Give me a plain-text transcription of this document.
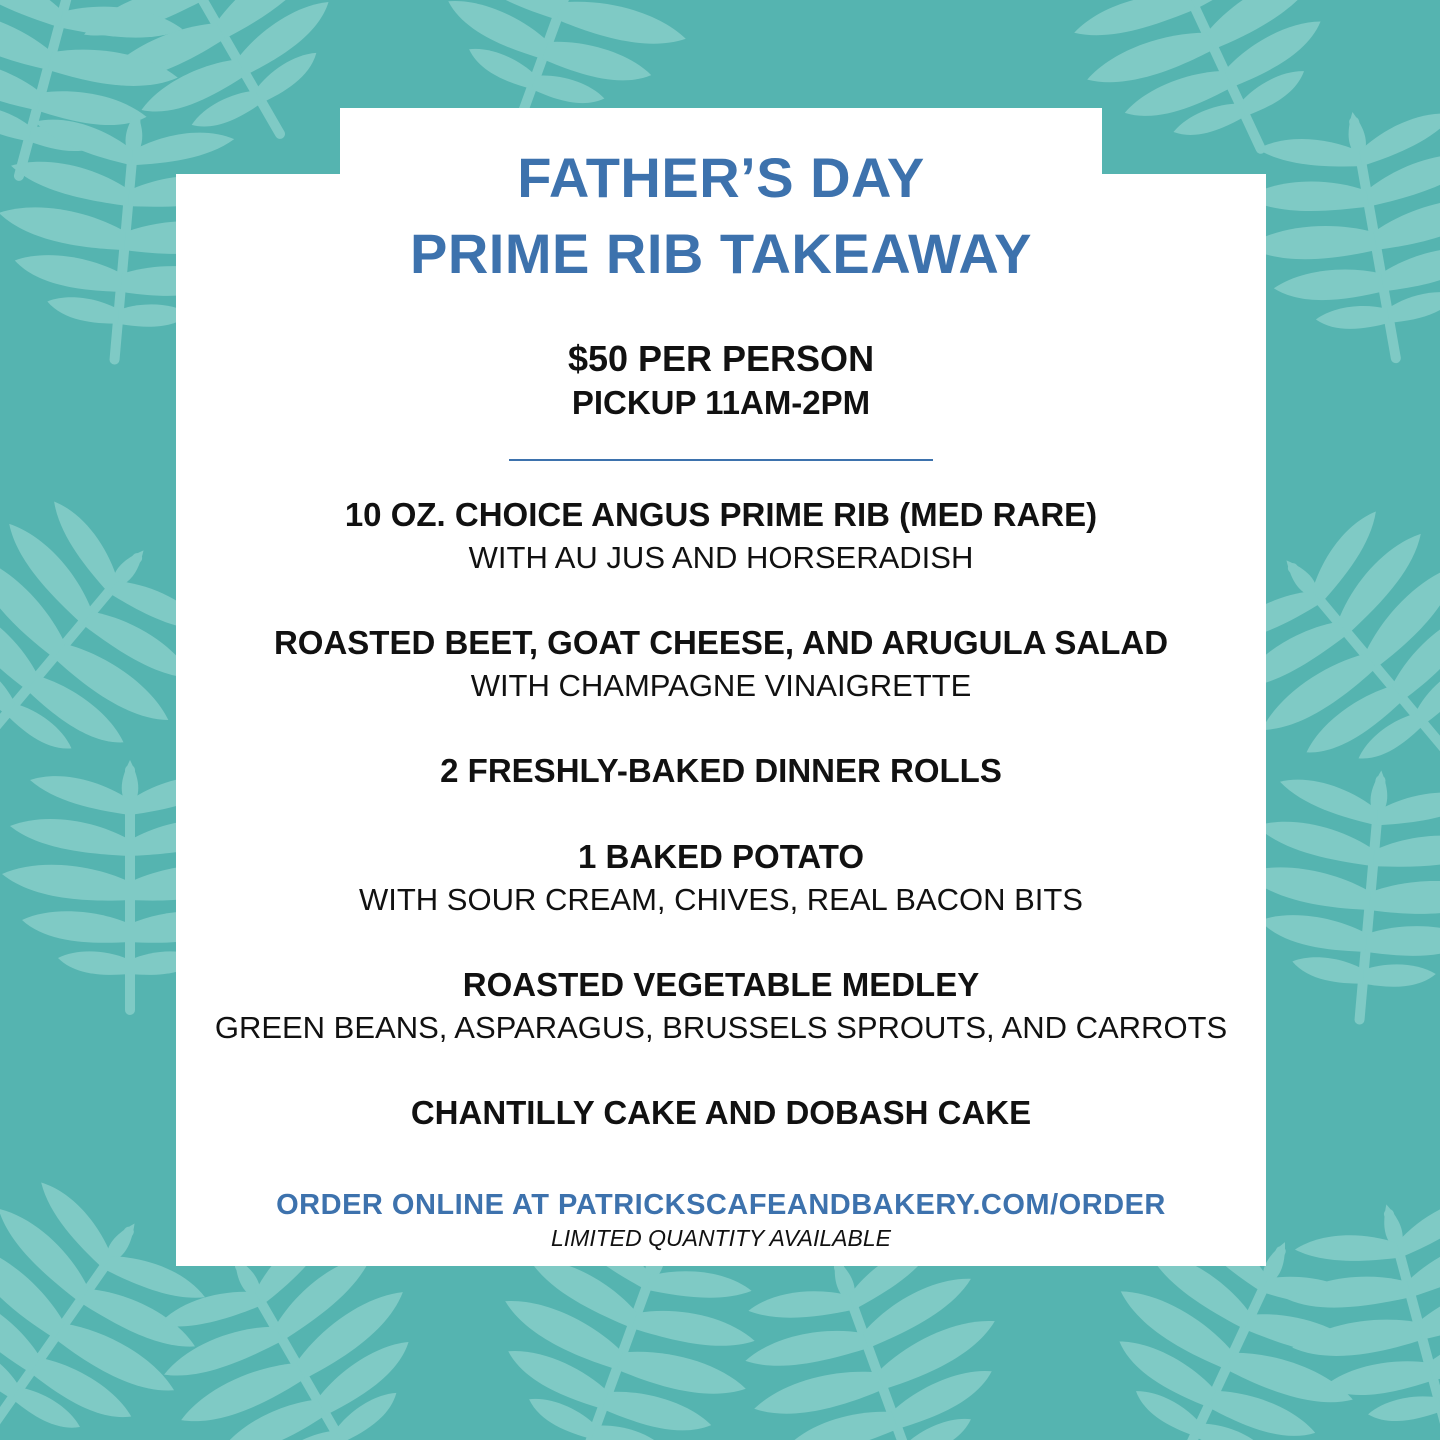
FATHER’S DAY
PRIME RIB TAKEAWAY
$50 PER PERSON
PICKUP 11AM-2PM
10 OZ. CHOICE ANGUS PRIME RIB (MED RARE)
WITH AU JUS AND HORSERADISH
ROASTED BEET, GOAT CHEESE, AND ARUGULA SALAD
WITH CHAMPAGNE VINAIGRETTE
2 FRESHLY-BAKED DINNER ROLLS
1 BAKED POTATO
WITH SOUR CREAM, CHIVES, REAL BACON BITS
ROASTED VEGETABLE MEDLEY
GREEN BEANS, ASPARAGUS, BRUSSELS SPROUTS, AND CARROTS
CHANTILLY CAKE AND DOBASH CAKE
ORDER ONLINE AT PATRICKSCAFEANDBAKERY.COM/ORDER
LIMITED QUANTITY AVAILABLE
